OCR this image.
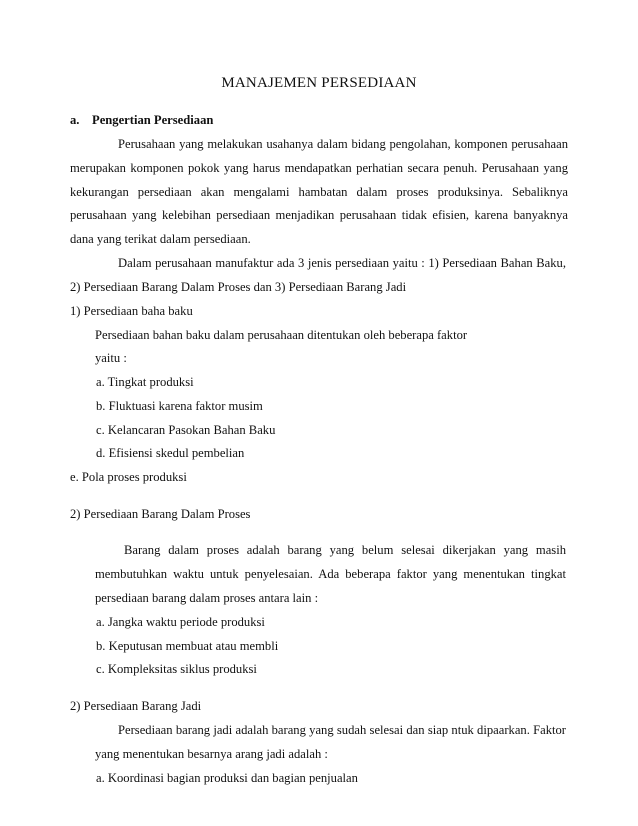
MANAJEMEN PERSEDIAAN
a. Pengertian Persediaan
Perusahaan yang melakukan usahanya dalam bidang pengolahan, komponen perusahaan
merupakan komponen pokok yang harus mendapatkan perhatian secara penuh. Perusahaan yang
kekurangan persediaan akan mengalami hambatan dalam proses produksinya. Sebaliknya
perusahaan yang kelebihan persediaan menjadikan perusahaan tidak efisien, karena banyaknya
dana yang terikat dalam persediaan.
Dalam perusahaan manufaktur ada 3 jenis persediaan yaitu : 1) Persediaan Bahan Baku,
2) Persediaan Barang Dalam Proses dan 3) Persediaan Barang Jadi
1) Persediaan baha baku
Persediaan bahan baku dalam perusahaan ditentukan oleh beberapa faktor
yaitu :
a. Tingkat produksi
b. Fluktuasi karena faktor musim
c. Kelancaran Pasokan Bahan Baku
d. Efisiensi skedul pembelian
e. Pola proses produksi
2) Persediaan Barang Dalam Proses
Barang dalam proses adalah barang yang belum selesai dikerjakan yang masih
membutuhkan waktu untuk penyelesaian. Ada beberapa faktor yang menentukan tingkat
persediaan barang dalam proses antara lain :
a. Jangka waktu periode produksi
b. Keputusan membuat atau membli
c. Kompleksitas siklus produksi
2) Persediaan Barang Jadi
Persediaan barang jadi adalah barang yang sudah selesai dan siap ntuk dipaarkan. Faktor
yang menentukan besarnya arang jadi adalah :
a. Koordinasi bagian produksi dan bagian penjualan
